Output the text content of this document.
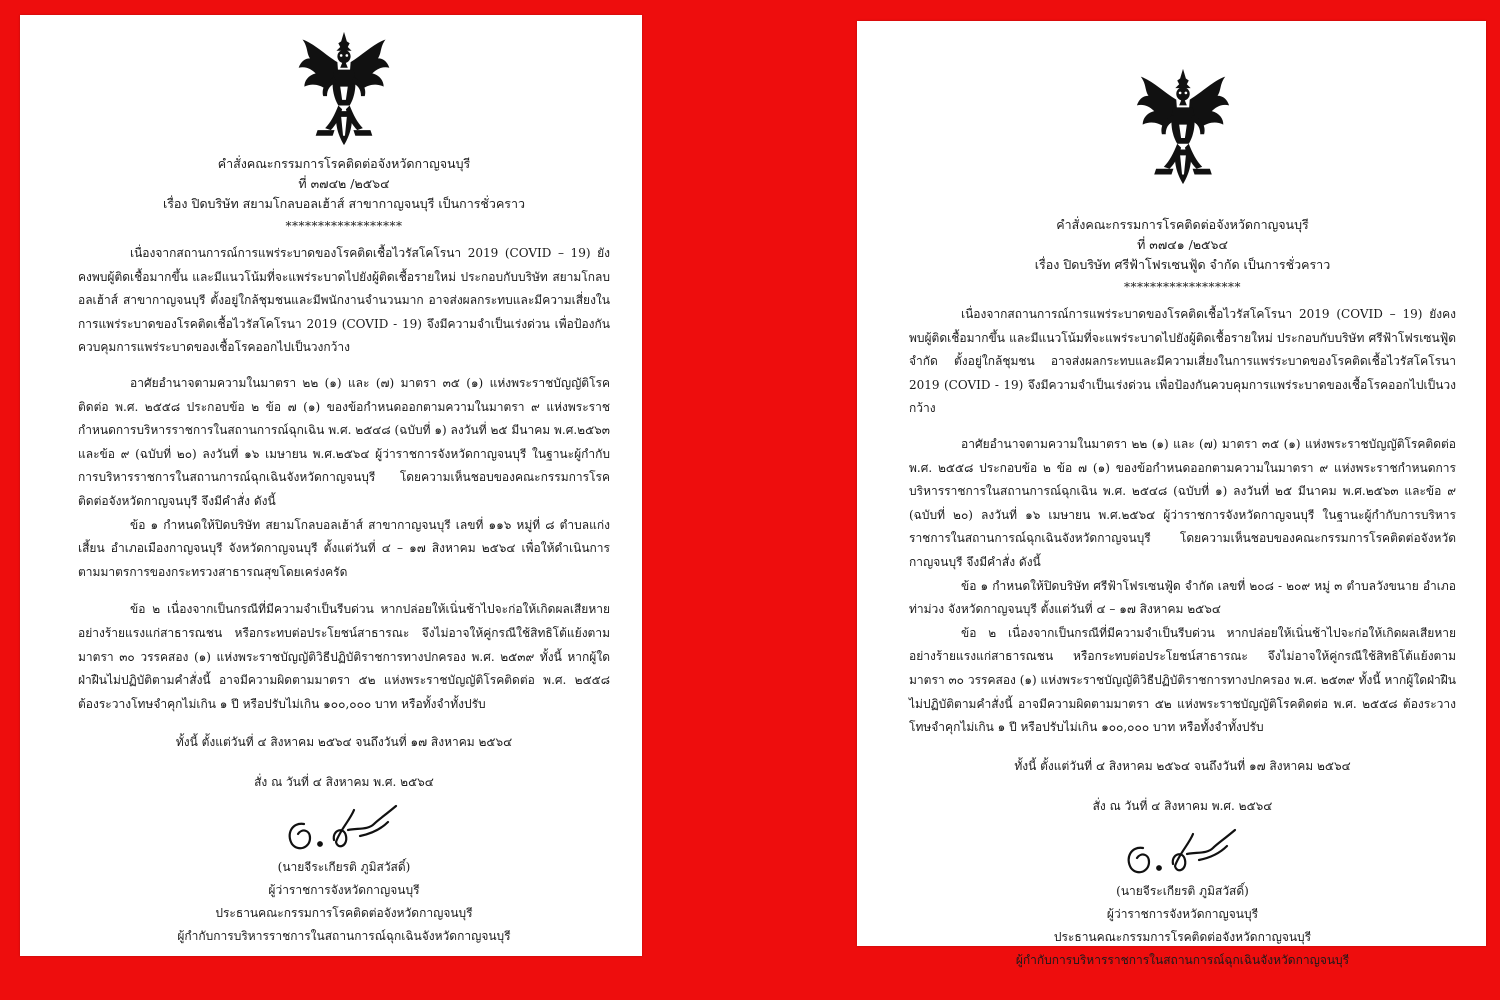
คำสั่งคณะกรรมการโรคติดต่อจังหวัดกาญจนบุรี

ที่ ๓๗๔๒ /๒๕๖๔

เรื่อง ปิดบริษัท สยามโกลบอลเฮ้าส์ สาขากาญจนบุรี เป็นการชั่วคราว

******************

เนื่องจากสถานการณ์การแพร่ระบาดของโรคติดเชื้อไวรัสโคโรนา 2019 (COVID – 19) ยังคงพบผู้ติดเชื้อมากขึ้น และมีแนวโน้มที่จะแพร่ระบาดไปยังผู้ติดเชื้อรายใหม่ ประกอบกับบริษัท สยามโกลบอลเฮ้าส์ สาขากาญจนบุรี ตั้งอยู่ใกล้ชุมชนและมีพนักงานจำนวนมาก อาจส่งผลกระทบและมีความเสี่ยงในการแพร่ระบาดของโรคติดเชื้อไวรัสโคโรนา 2019 (COVID - 19) จึงมีความจำเป็นเร่งด่วน เพื่อป้องกันควบคุมการแพร่ระบาดของเชื้อโรคออกไปเป็นวงกว้าง

อาศัยอำนาจตามความในมาตรา ๒๒ (๑) และ (๗) มาตรา ๓๕ (๑) แห่งพระราชบัญญัติโรคติดต่อ พ.ศ. ๒๕๕๘ ประกอบข้อ ๒ ข้อ ๗ (๑) ของข้อกำหนดออกตามความในมาตรา ๙ แห่งพระราชกำหนดการบริหารราชการในสถานการณ์ฉุกเฉิน พ.ศ. ๒๕๔๘ (ฉบับที่ ๑) ลงวันที่ ๒๕ มีนาคม พ.ศ.๒๕๖๓ และข้อ ๙ (ฉบับที่ ๒๐) ลงวันที่ ๑๖ เมษายน พ.ศ.๒๕๖๔ ผู้ว่าราชการจังหวัดกาญจนบุรี ในฐานะผู้กำกับการบริหารราชการในสถานการณ์ฉุกเฉินจังหวัดกาญจนบุรี โดยความเห็นชอบของคณะกรรมการโรคติดต่อจังหวัดกาญจนบุรี จึงมีคำสั่ง ดังนี้

ข้อ ๑ กำหนดให้ปิดบริษัท สยามโกลบอลเฮ้าส์ สาขากาญจนบุรี เลขที่ ๑๑๖ หมู่ที่ ๘ ตำบลแก่งเสี้ยน อำเภอเมืองกาญจนบุรี จังหวัดกาญจนบุรี ตั้งแต่วันที่ ๔ – ๑๗ สิงหาคม ๒๕๖๔ เพื่อให้ดำเนินการตามมาตรการของกระทรวงสาธารณสุขโดยเคร่งครัด

ข้อ ๒ เนื่องจากเป็นกรณีที่มีความจำเป็นรีบด่วน หากปล่อยให้เนิ่นช้าไปจะก่อให้เกิดผลเสียหายอย่างร้ายแรงแก่สาธารณชน หรือกระทบต่อประโยชน์สาธารณะ จึงไม่อาจให้คู่กรณีใช้สิทธิโต้แย้งตามมาตรา ๓๐ วรรคสอง (๑) แห่งพระราชบัญญัติวิธีปฏิบัติราชการทางปกครอง พ.ศ. ๒๕๓๙ ทั้งนี้ หากผู้ใดฝ่าฝืนไม่ปฏิบัติตามคำสั่งนี้ อาจมีความผิดตามมาตรา ๕๒ แห่งพระราชบัญญัติโรคติดต่อ พ.ศ. ๒๕๕๘ ต้องระวางโทษจำคุกไม่เกิน ๑ ปี หรือปรับไม่เกิน ๑๐๐,๐๐๐ บาท หรือทั้งจำทั้งปรับ

ทั้งนี้ ตั้งแต่วันที่ ๔ สิงหาคม ๒๕๖๔ จนถึงวันที่ ๑๗ สิงหาคม ๒๕๖๔

สั่ง ณ วันที่ ๔ สิงหาคม พ.ศ. ๒๕๖๔

(นายจีระเกียรติ ภูมิสวัสดิ์)

ผู้ว่าราชการจังหวัดกาญจนบุรี

ประธานคณะกรรมการโรคติดต่อจังหวัดกาญจนบุรี

ผู้กำกับการบริหารราชการในสถานการณ์ฉุกเฉินจังหวัดกาญจนบุรี

คำสั่งคณะกรรมการโรคติดต่อจังหวัดกาญจนบุรี

ที่ ๓๗๔๑ /๒๕๖๔

เรื่อง ปิดบริษัท ศรีฟ้าโฟรเซนฟู้ด จำกัด เป็นการชั่วคราว

******************

เนื่องจากสถานการณ์การแพร่ระบาดของโรคติดเชื้อไวรัสโคโรนา 2019 (COVID – 19) ยังคงพบผู้ติดเชื้อมากขึ้น และมีแนวโน้มที่จะแพร่ระบาดไปยังผู้ติดเชื้อรายใหม่ ประกอบกับบริษัท ศรีฟ้าโฟรเซนฟู้ด จำกัด ตั้งอยู่ใกล้ชุมชน อาจส่งผลกระทบและมีความเสี่ยงในการแพร่ระบาดของโรคติดเชื้อไวรัสโคโรนา 2019 (COVID - 19) จึงมีความจำเป็นเร่งด่วน เพื่อป้องกันควบคุมการแพร่ระบาดของเชื้อโรคออกไปเป็นวงกว้าง

อาศัยอำนาจตามความในมาตรา ๒๒ (๑) และ (๗) มาตรา ๓๕ (๑) แห่งพระราชบัญญัติโรคติดต่อ พ.ศ. ๒๕๕๘ ประกอบข้อ ๒ ข้อ ๗ (๑) ของข้อกำหนดออกตามความในมาตรา ๙ แห่งพระราชกำหนดการบริหารราชการในสถานการณ์ฉุกเฉิน พ.ศ. ๒๕๔๘ (ฉบับที่ ๑) ลงวันที่ ๒๕ มีนาคม พ.ศ.๒๕๖๓ และข้อ ๙ (ฉบับที่ ๒๐) ลงวันที่ ๑๖ เมษายน พ.ศ.๒๕๖๔ ผู้ว่าราชการจังหวัดกาญจนบุรี ในฐานะผู้กำกับการบริหารราชการในสถานการณ์ฉุกเฉินจังหวัดกาญจนบุรี โดยความเห็นชอบของคณะกรรมการโรคติดต่อจังหวัดกาญจนบุรี จึงมีคำสั่ง ดังนี้

ข้อ ๑ กำหนดให้ปิดบริษัท ศรีฟ้าโฟรเซนฟู้ด จำกัด เลขที่ ๒๐๘ - ๒๐๙ หมู่ ๓ ตำบลวังขนาย อำเภอท่าม่วง จังหวัดกาญจนบุรี ตั้งแต่วันที่ ๔ – ๑๗ สิงหาคม ๒๕๖๔

ข้อ ๒ เนื่องจากเป็นกรณีที่มีความจำเป็นรีบด่วน หากปล่อยให้เนิ่นช้าไปจะก่อให้เกิดผลเสียหายอย่างร้ายแรงแก่สาธารณชน หรือกระทบต่อประโยชน์สาธารณะ จึงไม่อาจให้คู่กรณีใช้สิทธิโต้แย้งตามมาตรา ๓๐ วรรคสอง (๑) แห่งพระราชบัญญัติวิธีปฏิบัติราชการทางปกครอง พ.ศ. ๒๕๓๙ ทั้งนี้ หากผู้ใดฝ่าฝืนไม่ปฏิบัติตามคำสั่งนี้ อาจมีความผิดตามมาตรา ๕๒ แห่งพระราชบัญญัติโรคติดต่อ พ.ศ. ๒๕๕๘ ต้องระวางโทษจำคุกไม่เกิน ๑ ปี หรือปรับไม่เกิน ๑๐๐,๐๐๐ บาท หรือทั้งจำทั้งปรับ

ทั้งนี้ ตั้งแต่วันที่ ๔ สิงหาคม ๒๕๖๔ จนถึงวันที่ ๑๗ สิงหาคม ๒๕๖๔

สั่ง ณ วันที่ ๔ สิงหาคม พ.ศ. ๒๕๖๔

(นายจีระเกียรติ ภูมิสวัสดิ์)

ผู้ว่าราชการจังหวัดกาญจนบุรี

ประธานคณะกรรมการโรคติดต่อจังหวัดกาญจนบุรี

ผู้กำกับการบริหารราชการในสถานการณ์ฉุกเฉินจังหวัดกาญจนบุรี
